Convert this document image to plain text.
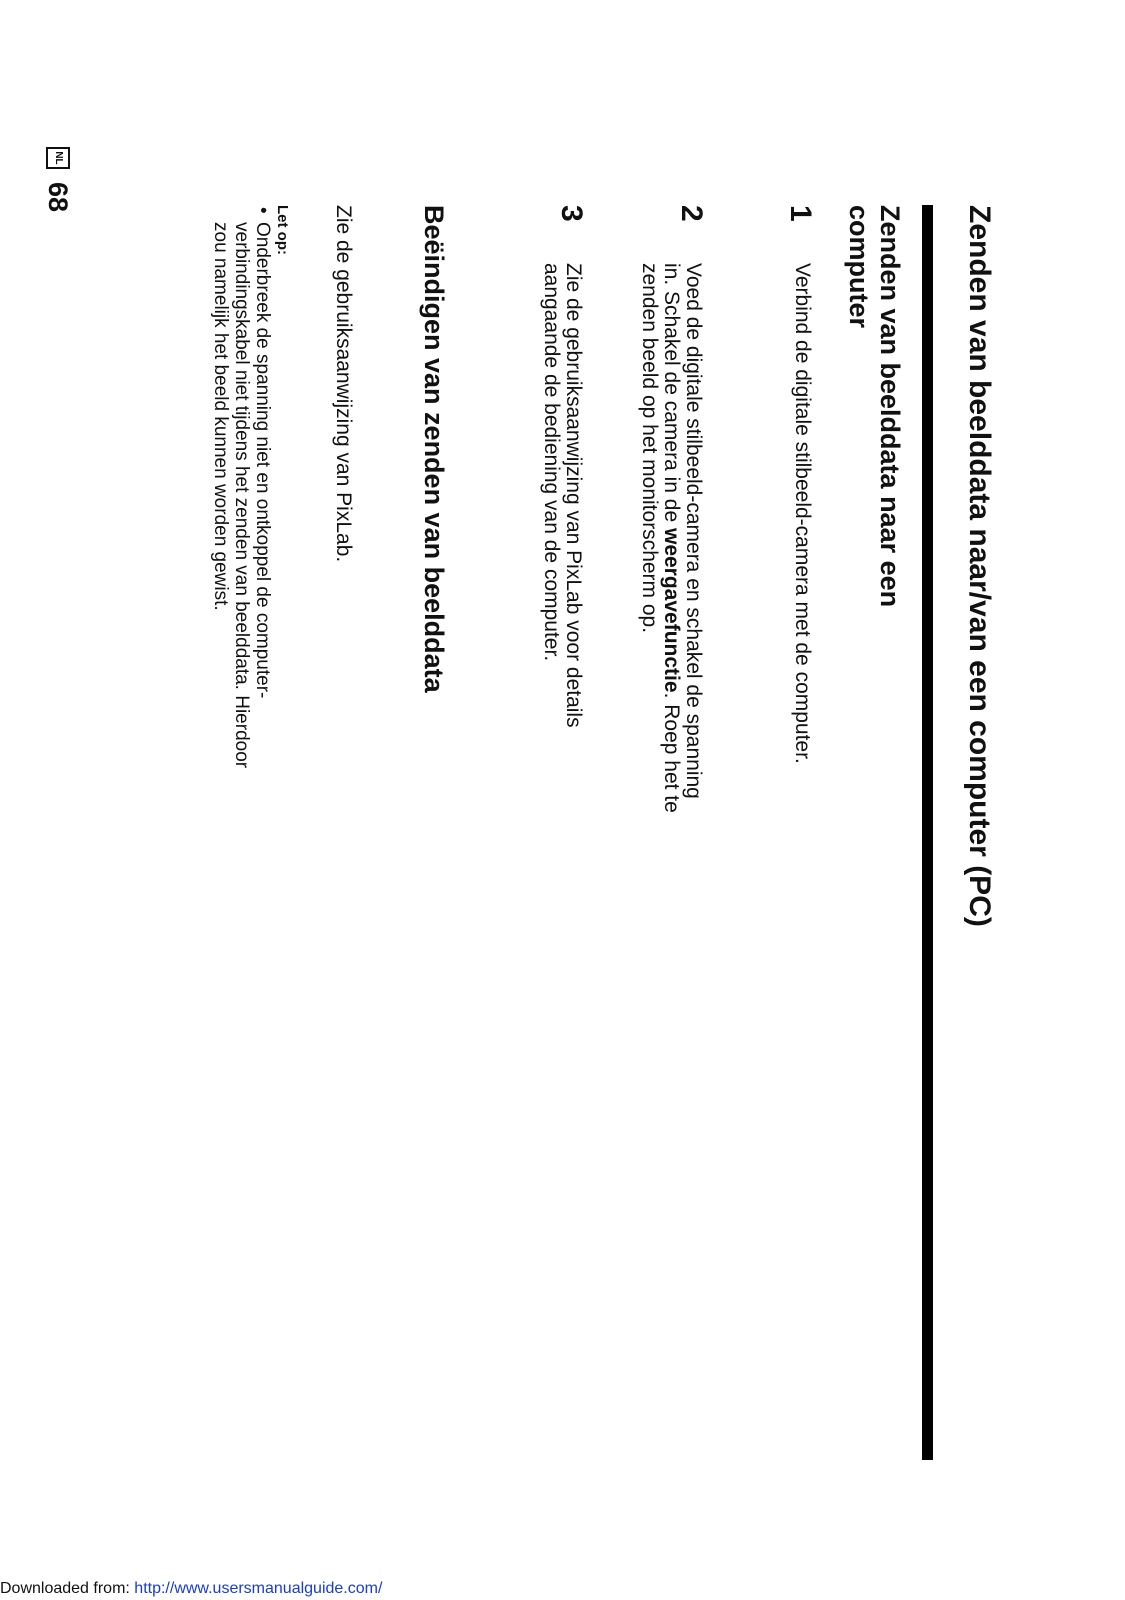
Zenden van beelddata naar/van een computer (PC)
Zenden van beelddata naar een computer
1
Verbind de digitale stilbeeld-camera met de computer.
2
Voed de digitale stilbeeld-camera en schakel de spanning in. Schakel de camera in de weergavefunctie. Roep het te zenden beeld op het monitorscherm op.
3
Zie de gebruiksaanwijzing van PixLab voor details aangaande de bediening van de computer.
Beëindigen van zenden van beelddata
Zie de gebruiksaanwijzing van PixLab.
Let op:
•
Onderbreek de spanning niet en ontkoppel de computer-verbindingskabel niet tijdens het zenden van beelddata. Hierdoor zou namelijk het beeld kunnen worden gewist.
NL
68
Downloaded from: http://www.usersmanualguide.com/
